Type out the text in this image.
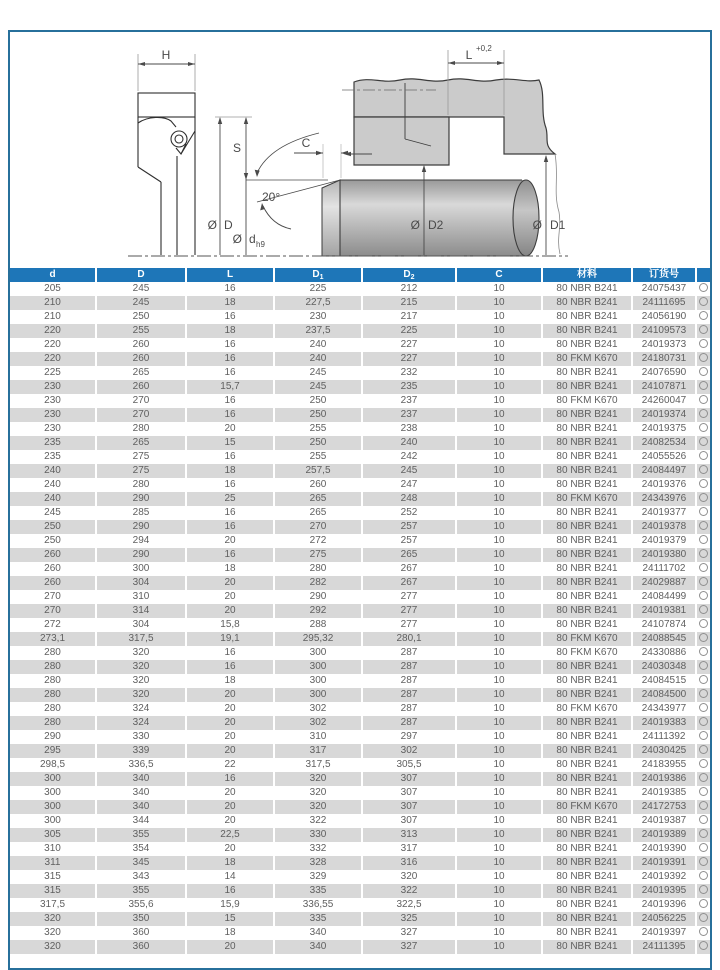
H	L +0,2
Ø D
S
Ø d h9
C
20°
Ø D2	Ø D1
d	D	L	$D_1$	$D_2$	C	材料	订货号
205	245	16	225	212	10	80 NBR B241	24075437
210	245	18	227,5	215	10	80 NBR B241	24111695
210	250	16	230	217	10	80 NBR B241	24056190
220	255	18	237,5	225	10	80 NBR B241	24109573
220	260	16	240	227	10	80 NBR B241	24019373
220	260	16	240	227	10	80 FKM K670	24180731
225	265	16	245	232	10	80 NBR B241	24076590
230	260	15,7	245	235	10	80 NBR B241	24107871
230	270	16	250	237	10	80 FKM K670	24260047
230	270	16	250	237	10	80 NBR B241	24019374
230	280	20	255	238	10	80 NBR B241	24019375
235	265	15	250	240	10	80 NBR B241	24082534
235	275	16	255	242	10	80 NBR B241	24055526
240	275	18	257,5	245	10	80 NBR B241	24084497
240	280	16	260	247	10	80 NBR B241	24019376
240	290	25	265	248	10	80 FKM K670	24343976
245	285	16	265	252	10	80 NBR B241	24019377
250	290	16	270	257	10	80 NBR B241	24019378
250	294	20	272	257	10	80 NBR B241	24019379
260	290	16	275	265	10	80 NBR B241	24019380
260	300	18	280	267	10	80 NBR B241	24111702
260	304	20	282	267	10	80 NBR B241	24029887
270	310	20	290	277	10	80 NBR B241	24084499
270	314	20	292	277	10	80 NBR B241	24019381
272	304	15,8	288	277	10	80 NBR B241	24107874
273,1	317,5	19,1	295,32	280,1	10	80 FKM K670	24088545
280	320	16	300	287	10	80 FKM K670	24330886
280	320	16	300	287	10	80 NBR B241	24030348
280	320	18	300	287	10	80 NBR B241	24084515
280	320	20	300	287	10	80 NBR B241	24084500
280	324	20	302	287	10	80 FKM K670	24343977
280	324	20	302	287	10	80 NBR B241	24019383
290	330	20	310	297	10	80 NBR B241	24111392
295	339	20	317	302	10	80 NBR B241	24030425
298,5	336,5	22	317,5	305,5	10	80 NBR B241	24183955
300	340	16	320	307	10	80 NBR B241	24019386
300	340	20	320	307	10	80 NBR B241	24019385
300	340	20	320	307	10	80 FKM K670	24172753
300	344	20	322	307	10	80 NBR B241	24019387
305	355	22,5	330	313	10	80 NBR B241	24019389
310	354	20	332	317	10	80 NBR B241	24019390
311	345	18	328	316	10	80 NBR B241	24019391
315	343	14	329	320	10	80 NBR B241	24019392
315	355	16	335	322	10	80 NBR B241	24019395
317,5	355,6	15,9	336,55	322,5	10	80 NBR B241	24019396
320	350	15	335	325	10	80 NBR B241	24056225
320	360	18	340	327	10	80 NBR B241	24019397
320	360	20	340	327	10	80 NBR B241	24111395
